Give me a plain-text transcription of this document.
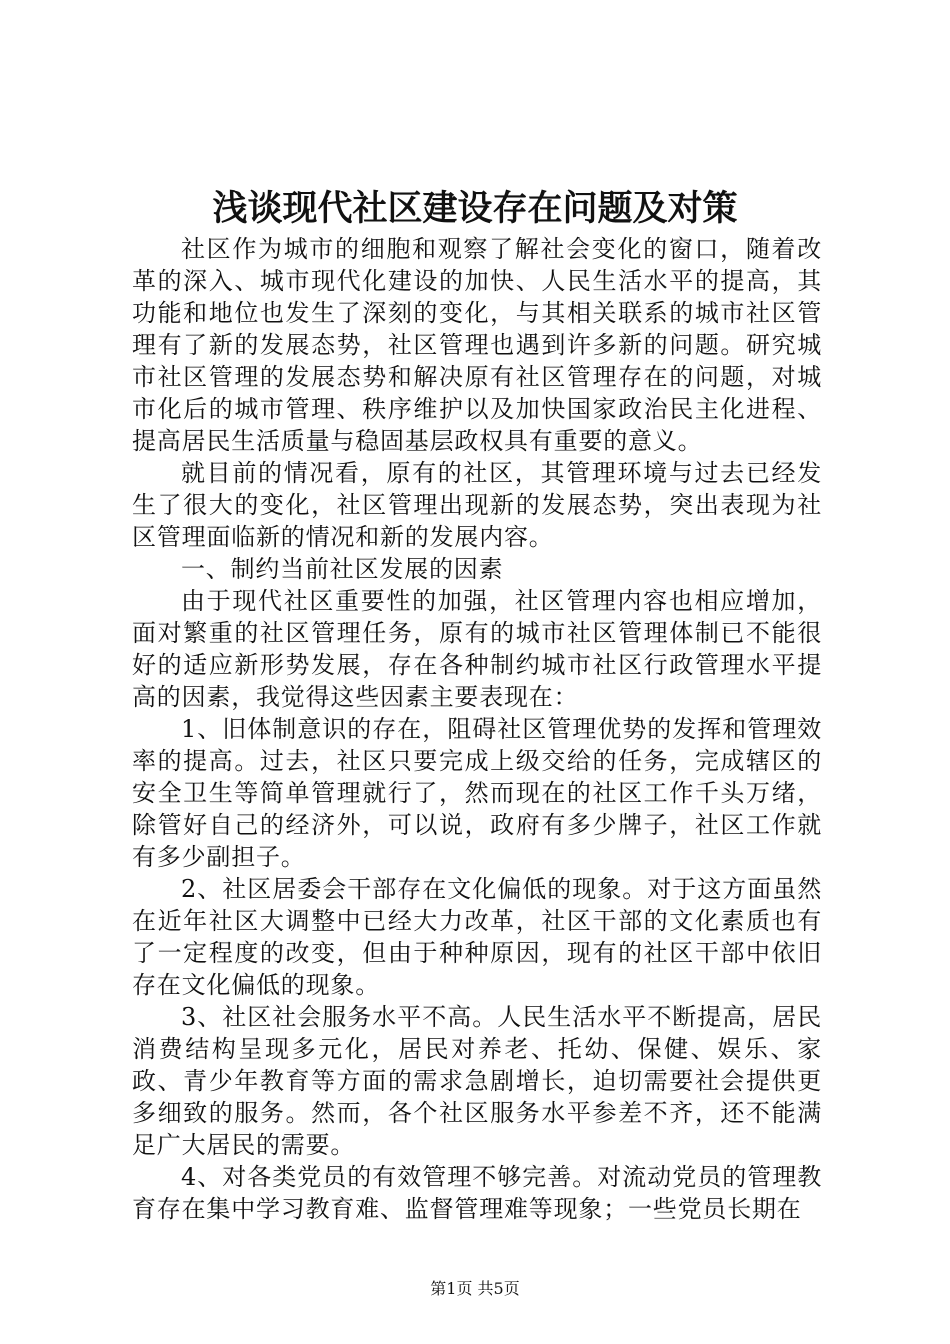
浅谈现代社区建设存在问题及对策

社区作为城市的细胞和观察了解社会变化的窗口，随着改革的深入、城市现代化建设的加快、人民生活水平的提高，其功能和地位也发生了深刻的变化，与其相关联系的城市社区管理有了新的发展态势，社区管理也遇到许多新的问题。研究城市社区管理的发展态势和解决原有社区管理存在的问题，对城市化后的城市管理、秩序维护以及加快国家政治民主化进程、提高居民生活质量与稳固基层政权具有重要的意义。

就目前的情况看，原有的社区，其管理环境与过去已经发生了很大的变化，社区管理出现新的发展态势，突出表现为社区管理面临新的情况和新的发展内容。

一、制约当前社区发展的因素

由于现代社区重要性的加强，社区管理内容也相应增加，面对繁重的社区管理任务，原有的城市社区管理体制已不能很好的适应新形势发展，存在各种制约城市社区行政管理水平提高的因素，我觉得这些因素主要表现在：

1、旧体制意识的存在，阻碍社区管理优势的发挥和管理效率的提高。过去，社区只要完成上级交给的任务，完成辖区的安全卫生等简单管理就行了，然而现在的社区工作千头万绪，除管好自己的经济外，可以说，政府有多少牌子，社区工作就有多少副担子。

2、社区居委会干部存在文化偏低的现象。对于这方面虽然在近年社区大调整中已经大力改革，社区干部的文化素质也有了一定程度的改变，但由于种种原因，现有的社区干部中依旧存在文化偏低的现象。

3、社区社会服务水平不高。人民生活水平不断提高，居民消费结构呈现多元化，居民对养老、托幼、保健、娱乐、家政、青少年教育等方面的需求急剧增长，迫切需要社会提供更多细致的服务。然而，各个社区服务水平参差不齐，还不能满足广大居民的需要。

4、对各类党员的有效管理不够完善。对流动党员的管理教育存在集中学习教育难、监督管理难等现象；一些党员长期在

第1页 共5页
